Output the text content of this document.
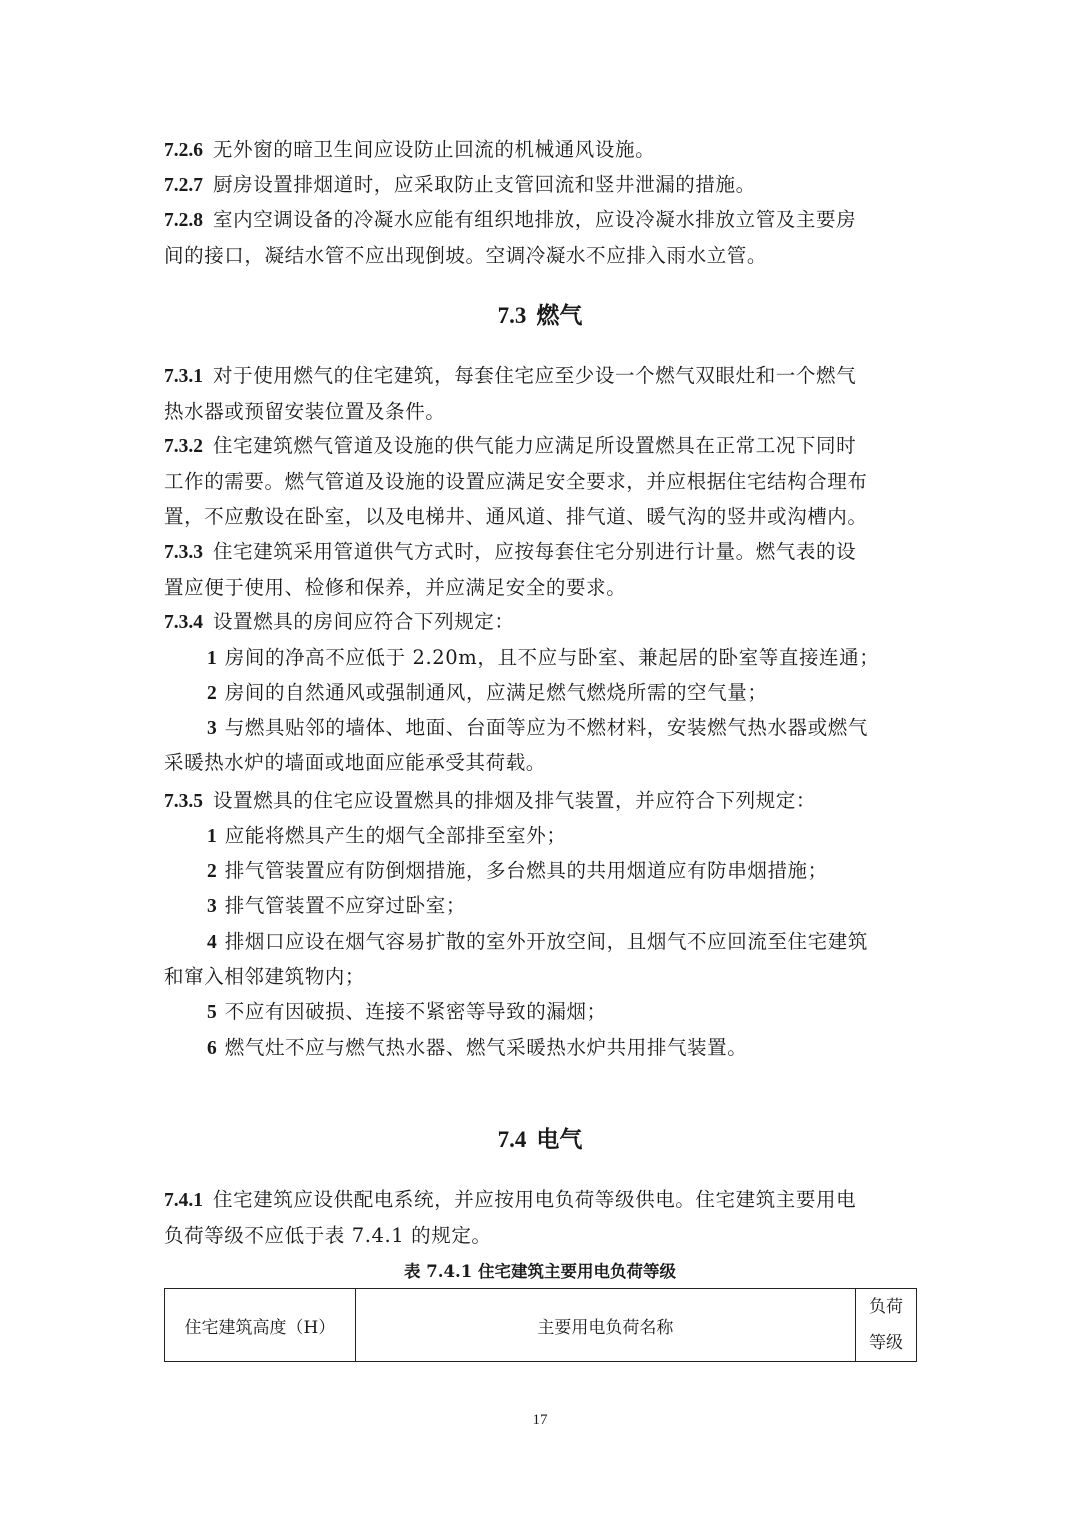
7.2.6 无外窗的暗卫生间应设防止回流的机械通风设施。
7.2.7 厨房设置排烟道时，应采取防止支管回流和竖井泄漏的措施。
7.2.8 室内空调设备的冷凝水应能有组织地排放，应设冷凝水排放立管及主要房
间的接口，凝结水管不应出现倒坡。空调冷凝水不应排入雨水立管。
7.3 燃气
7.3.1 对于使用燃气的住宅建筑，每套住宅应至少设一个燃气双眼灶和一个燃气
热水器或预留安装位置及条件。
7.3.2 住宅建筑燃气管道及设施的供气能力应满足所设置燃具在正常工况下同时
工作的需要。燃气管道及设施的设置应满足安全要求，并应根据住宅结构合理布
置，不应敷设在卧室，以及电梯井、通风道、排气道、暖气沟的竖井或沟槽内。
7.3.3 住宅建筑采用管道供气方式时，应按每套住宅分别进行计量。燃气表的设
置应便于使用、检修和保养，并应满足安全的要求。
7.3.4 设置燃具的房间应符合下列规定：
1 房间的净高不应低于 2.20m，且不应与卧室、兼起居的卧室等直接连通；
2 房间的自然通风或强制通风，应满足燃气燃烧所需的空气量；
3 与燃具贴邻的墙体、地面、台面等应为不燃材料，安装燃气热水器或燃气
采暖热水炉的墙面或地面应能承受其荷载。
7.3.5 设置燃具的住宅应设置燃具的排烟及排气装置，并应符合下列规定：
1 应能将燃具产生的烟气全部排至室外；
2 排气管装置应有防倒烟措施，多台燃具的共用烟道应有防串烟措施；
3 排气管装置不应穿过卧室；
4 排烟口应设在烟气容易扩散的室外开放空间，且烟气不应回流至住宅建筑
和窜入相邻建筑物内；
5 不应有因破损、连接不紧密等导致的漏烟；
6 燃气灶不应与燃气热水器、燃气采暖热水炉共用排气装置。
7.4 电气
7.4.1 住宅建筑应设供配电系统，并应按用电负荷等级供电。住宅建筑主要用电
负荷等级不应低于表 7.4.1 的规定。
表 7.4.1 住宅建筑主要用电负荷等级
住宅建筑高度（H）	主要用电负荷名称	负荷
等级
17
